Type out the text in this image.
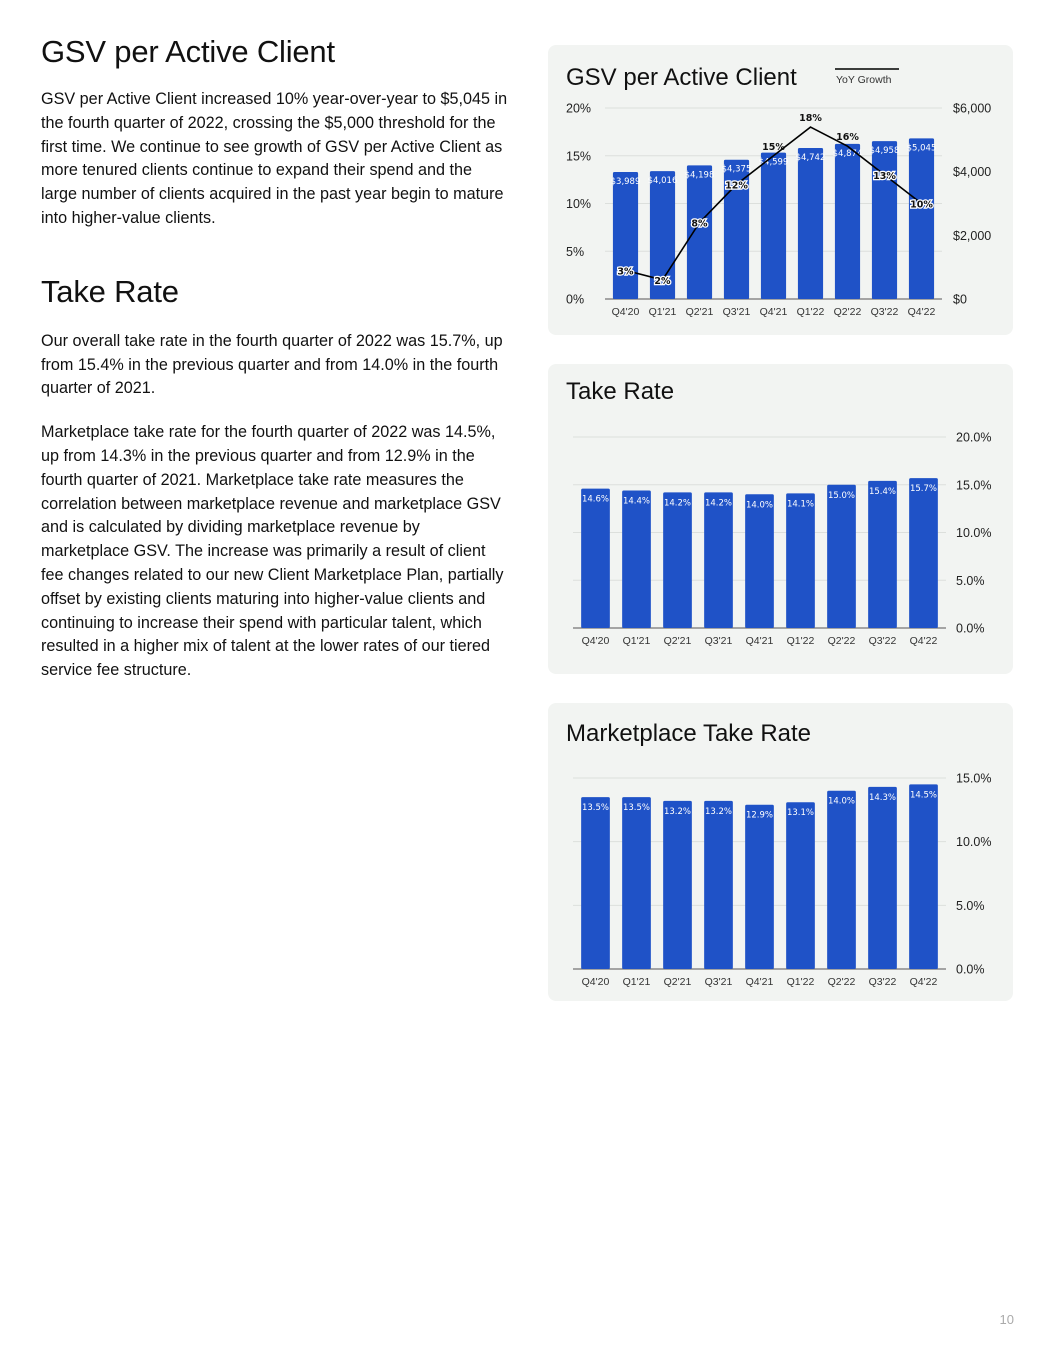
GSV per Active Client

GSV per Active Client increased 10% year-over-year to $5,045 in the fourth quarter of 2022, crossing the $5,000 threshold for the first time. We continue to see growth of GSV per Active Client as more tenured clients continue to expand their spend and the large number of clients acquired in the past year begin to mature into higher-value clients.

Take Rate

Our overall take rate in the fourth quarter of 2022 was 15.7%, up from 15.4% in the previous quarter and from 14.0% in the fourth quarter of 2021.

Marketplace take rate for the fourth quarter of 2022 was 14.5%, up from 14.3% in the previous quarter and from 12.9% in the fourth quarter of 2021. Marketplace take rate measures the correlation between marketplace revenue and marketplace GSV and is calculated by dividing marketplace revenue by marketplace GSV. The increase was primarily a result of client fee changes related to our new Client Marketplace Plan, partially offset by existing clients maturing into higher-value clients and continuing to increase their spend with particular talent, which resulted in a higher mix of talent at the lower rates of our tiered service fee structure.

GSV per Active Client	YoY Growth
0%
5%
10%
15%
20%
$0
$2,000
$4,000
$6,000
$3,989
Q4'20
$4,016
Q1'21
$4,198
Q2'21
$4,375
Q3'21
$4,599
Q4'21
$4,742
Q1'22
$4,874
Q2'22
$4,958
Q3'22
$5,045
Q4'22
3%
2%
8%
12%
15%
18%
16%
13%
10%
Take Rate
0.0%
5.0%
10.0%
15.0%
20.0%
14.6%
Q4'20
14.4%
Q1'21
14.2%
Q2'21
14.2%
Q3'21
14.0%
Q4'21
14.1%
Q1'22
15.0%
Q2'22
15.4%
Q3'22
15.7%
Q4'22
Marketplace Take Rate
0.0%
5.0%
10.0%
15.0%
13.5%
Q4'20
13.5%
Q1'21
13.2%
Q2'21
13.2%
Q3'21
12.9%
Q4'21
13.1%
Q1'22
14.0%
Q2'22
14.3%
Q3'22
14.5%
Q4'22
10
